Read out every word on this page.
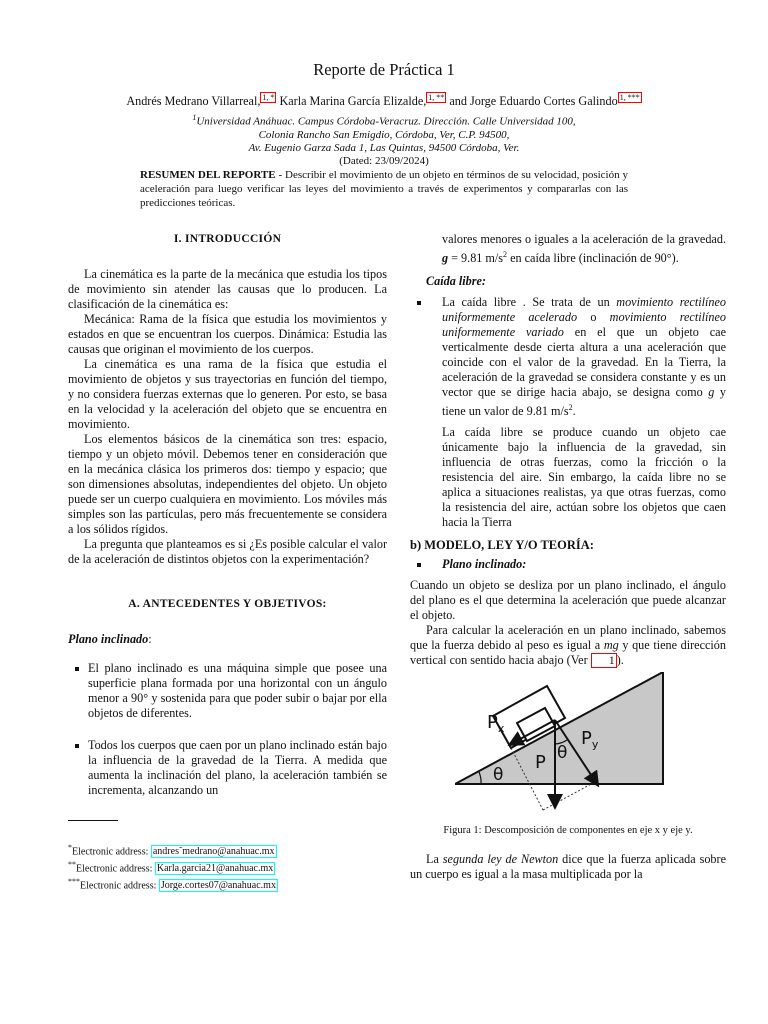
Reporte de Práctica 1
Andrés Medrano Villarreal, 1, * Karla Marina García Elizalde, 1, ** and Jorge Eduardo Cortes Galindo 1, ***
$^1$Universidad Anáhuac. Campus Córdoba-Veracruz. Dirección. Calle Universidad 100,
Colonia Rancho San Emigdio, Córdoba, Ver, C.P. 94500,
Av. Eugenio Garza Sada 1, Las Quintas, 94500 Córdoba, Ver.
(Dated: 23/09/2024)
RESUMEN DEL REPORTE - Describir el movimiento de un objeto en términos de su velocidad, posición y aceleración para luego verificar las leyes del movimiento a través de experimentos y compararlas con las predicciones teóricas.
I. INTRODUCCIÓN

La cinemática es la parte de la mecánica que estudia los tipos de movimiento sin atender las causas que lo producen. La clasificación de la cinemática es:

Mecánica: Rama de la física que estudia los movimientos y estados en que se encuentran los cuerpos. Dinámica: Estudia las causas que originan el movimiento de los cuerpos.

La cinemática es una rama de la física que estudia el movimiento de objetos y sus trayectorias en función del tiempo, y no considera fuerzas externas que lo generen. Por esto, se basa en la velocidad y la aceleración del objeto que se encuentra en movimiento.

Los elementos básicos de la cinemática son tres: espacio, tiempo y un objeto móvil. Debemos tener en consideración que en la mecánica clásica los primeros dos: tiempo y espacio; que son dimensiones absolutas, independientes del objeto. Un objeto puede ser un cuerpo cualquiera en movimiento. Los móviles más simples son las partículas, pero más frecuentemente se considera a los sólidos rígidos.

La pregunta que planteamos es si ¿Es posible calcular el valor de la aceleración de distintos objetos con la experimentación?

A. ANTECEDENTES Y OBJETIVOS:

Plano inclinado:

El plano inclinado es una máquina simple que posee una superficie plana formada por una horizontal con un ángulo menor a 90° y sostenida para que poder subir o bajar por ella objetos de diferentes.
Todos los cuerpos que caen por un plano inclinado están bajo la influencia de la gravedad de la Tierra. A medida que aumenta la inclinación del plano, la aceleración también se incrementa, alcanzando un
valores menores o iguales a la aceleración de la gravedad. g = 9.81 $m/s^2$ en caída libre (inclinación de 90°).

Caída libre:

La caída libre . Se trata de un movimiento rectilíneo uniformemente acelerado o movimiento rectilíneo uniformemente variado en el que un objeto cae verticalmente desde cierta altura a una aceleración que coincide con el valor de la gravedad. En la Tierra, la aceleración de la gravedad se considera constante y es un vector que se dirige hacia abajo, se designa como g y tiene un valor de 9.81 $m/s^2$.

La caída libre se produce cuando un objeto cae únicamente bajo la influencia de la gravedad, sin influencia de otras fuerzas, como la fricción o la resistencia del aire. Sin embargo, la caída libre no se aplica a situaciones realistas, ya que otras fuerzas, como la resistencia del aire, actúan sobre los objetos que caen hacia la Tierra

b) MODELO, LEY Y/O TEORÍA:
Plano inclinado:

Cuando un objeto se desliza por un plano inclinado, el ángulo del plano es el que determina la aceleración que puede alcanzar el objeto.

Para calcular la aceleración en un plano inclinado, sabemos que la fuerza debido al peso es igual a mg y que tiene dirección vertical con sentido hacia abajo (Ver 1 ).

$P_x$	$P_y$
P θ
θ
Figura 1: Descomposición de componentes en eje x y eje y.

La segunda ley de Newton dice que la fuerza aplicada sobre un cuerpo es igual a la masa multiplicada por la

*Electronic address: andres˜medrano@anahuac.mx
**Electronic address: Karla.garcia21@anahuac.mx
***Electronic address: Jorge.cortes07@anahuac.mx
